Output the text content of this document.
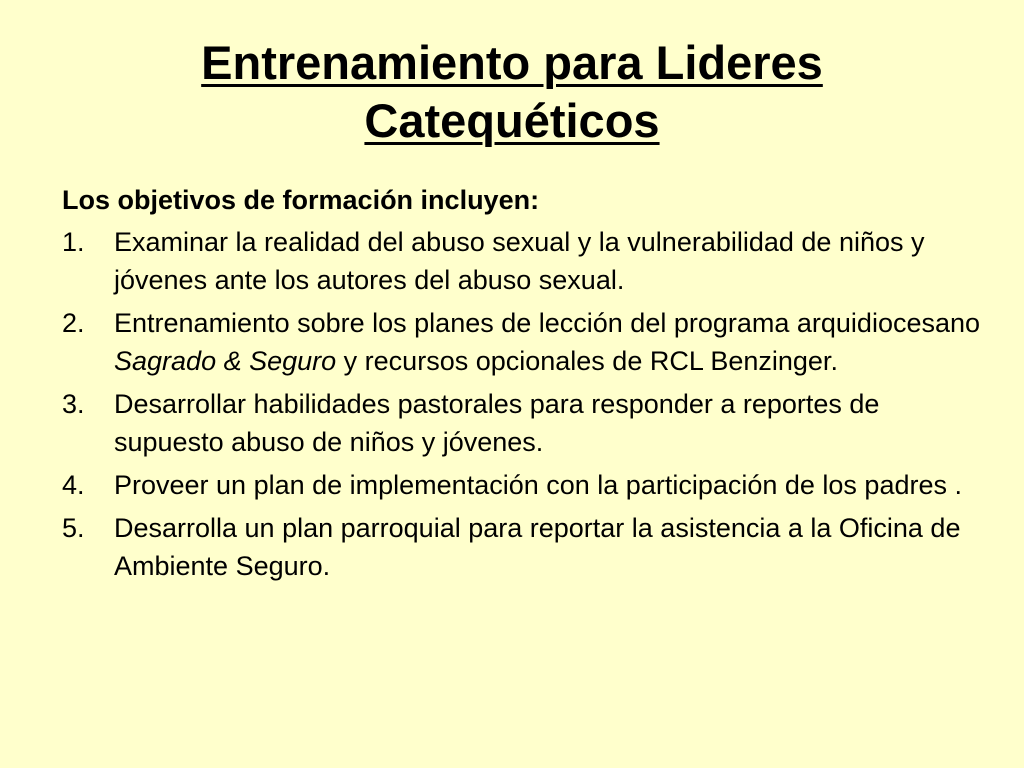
Entrenamiento para Lideres
Catequéticos

Los objetivos de formación incluyen:

1. Examinar la realidad del abuso sexual y la vulnerabilidad de niños y jóvenes ante los autores del abuso sexual.
2. Entrenamiento sobre los planes de lección del programa arquidiocesano Sagrado & Seguro y recursos opcionales de RCL Benzinger.
3. Desarrollar habilidades pastorales para responder a reportes de supuesto abuso de niños y jóvenes.
4. Proveer un plan de implementación con la participación de los padres .
5. Desarrolla un plan parroquial para reportar la asistencia a la Oficina de Ambiente Seguro.
